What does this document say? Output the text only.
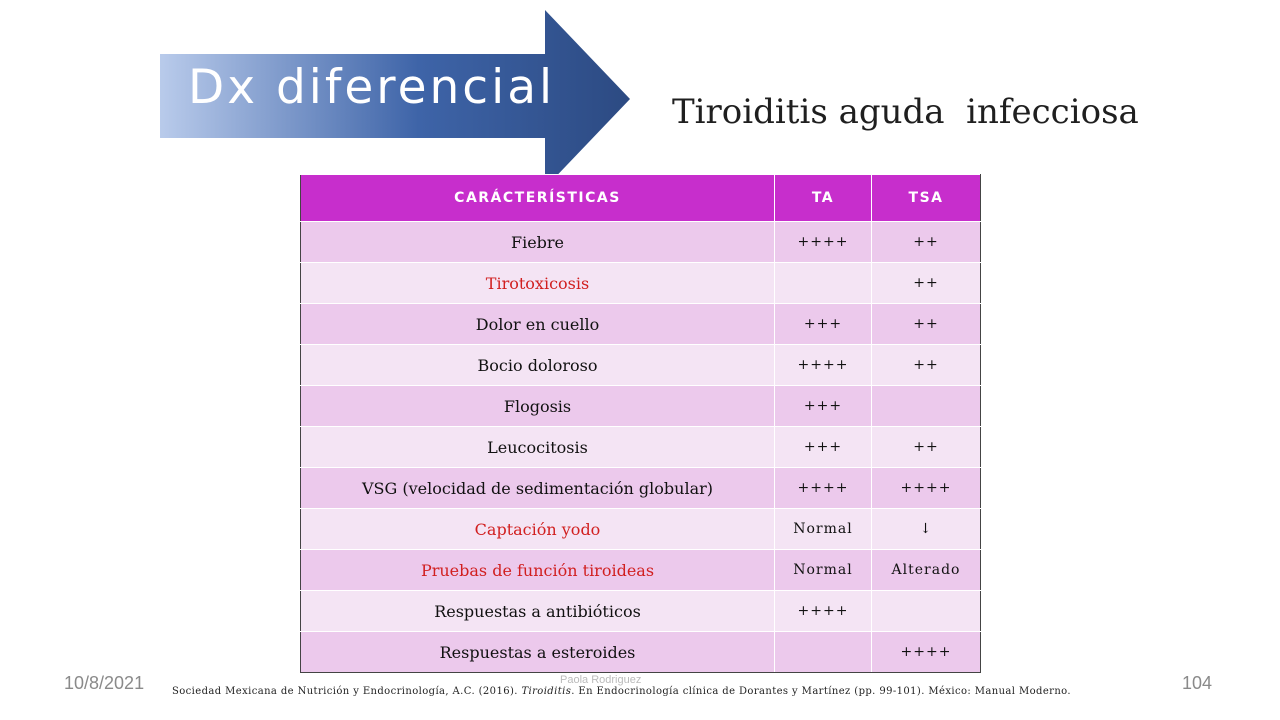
Dx diferencial	Tiroiditis aguda  infecciosa
CARÁCTERÍSTICAS	TA	TSA
Fiebre	++++	++
Tirotoxicosis		++
Dolor en cuello	+++	++
Bocio doloroso	++++	++
Flogosis	+++	
Leucocitosis	+++	++
VSG (velocidad de sedimentación globular)	++++	++++
Captación yodo	Normal	↓
Pruebas de función tiroideas	Normal	Alterado
Respuestas a antibióticos	++++	
Respuestas a esteroides		++++
10/8/2021	Paola Rodriguez
Sociedad Mexicana de Nutrición y Endocrinología, A.C. (2016). Tiroiditis. En Endocrinología clínica de Dorantes y Martínez (pp. 99-101). México: Manual Moderno.	104
